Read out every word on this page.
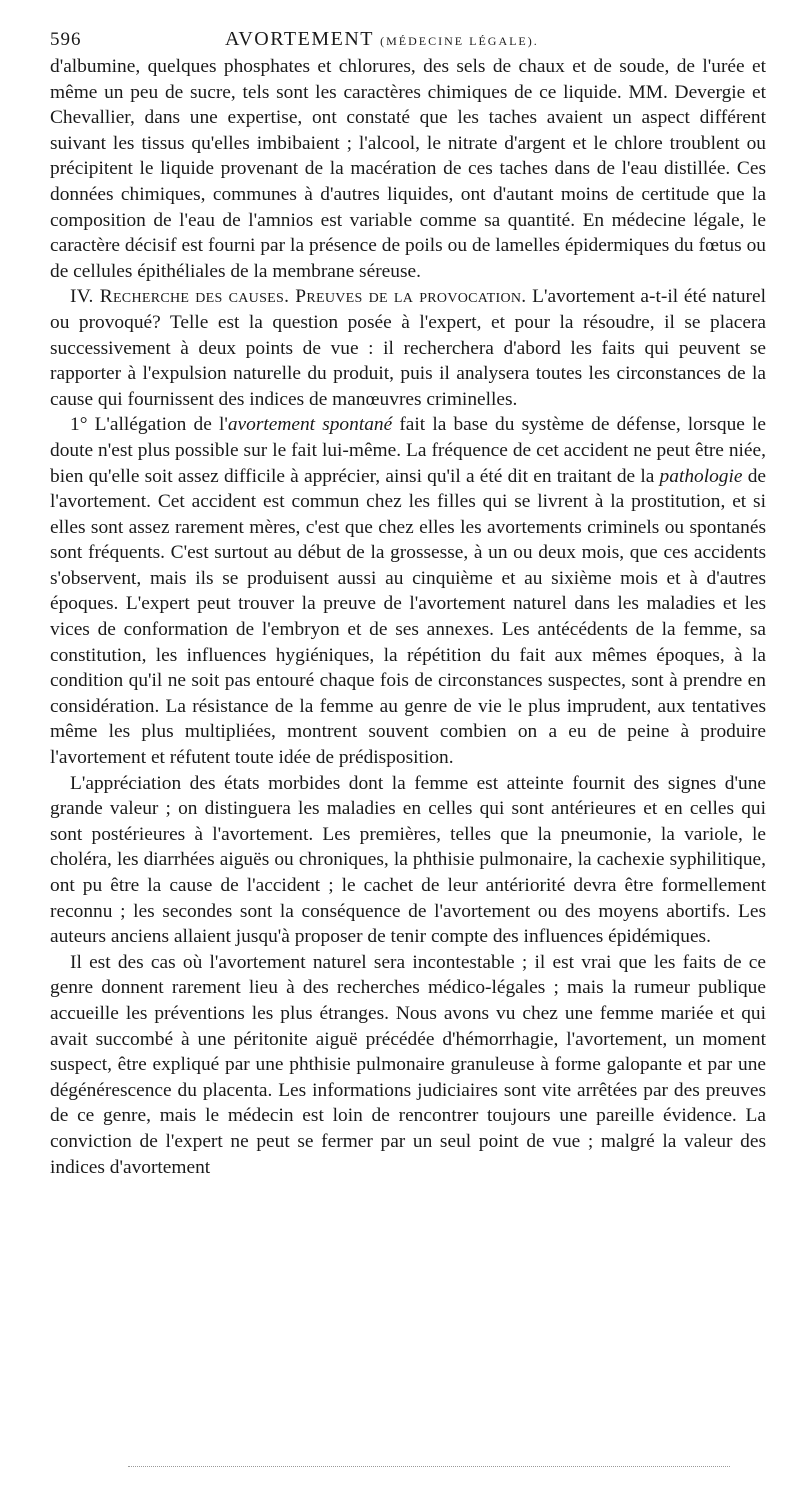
596	AVORTEMENT (MÉDECINE LÉGALE).

d'albumine, quelques phosphates et chlorures, des sels de chaux et de soude, de l'urée et même un peu de sucre, tels sont les caractères chimiques de ce liquide. MM. Devergie et Chevallier, dans une expertise, ont constaté que les taches avaient un aspect différent suivant les tissus qu'elles imbibaient ; l'alcool, le nitrate d'argent et le chlore troublent ou précipitent le liquide provenant de la macération de ces taches dans de l'eau distillée. Ces données chimiques, communes à d'autres liquides, ont d'autant moins de certitude que la composition de l'eau de l'amnios est variable comme sa quantité. En médecine légale, le caractère décisif est fourni par la présence de poils ou de lamelles épidermiques du fœtus ou de cellules épithéliales de la membrane séreuse.

IV. Recherche des causes. Preuves de la provocation. L'avortement a-t-il été naturel ou provoqué? Telle est la question posée à l'expert, et pour la résoudre, il se placera successivement à deux points de vue : il recherchera d'abord les faits qui peuvent se rapporter à l'expulsion naturelle du produit, puis il analysera toutes les circonstances de la cause qui fournissent des indices de manœuvres criminelles.

1° L'allégation de l'avortement spontané fait la base du système de défense, lorsque le doute n'est plus possible sur le fait lui-même. La fréquence de cet accident ne peut être niée, bien qu'elle soit assez difficile à apprécier, ainsi qu'il a été dit en traitant de la pathologie de l'avortement. Cet accident est commun chez les filles qui se livrent à la prostitution, et si elles sont assez rarement mères, c'est que chez elles les avortements criminels ou spontanés sont fréquents. C'est surtout au début de la grossesse, à un ou deux mois, que ces accidents s'observent, mais ils se produisent aussi au cinquième et au sixième mois et à d'autres époques. L'expert peut trouver la preuve de l'avortement naturel dans les maladies et les vices de conformation de l'embryon et de ses annexes. Les antécédents de la femme, sa constitution, les influences hygiéniques, la répétition du fait aux mêmes époques, à la condition qu'il ne soit pas entouré chaque fois de circonstances suspectes, sont à prendre en considération. La résistance de la femme au genre de vie le plus imprudent, aux tentatives même les plus multipliées, montrent souvent combien on a eu de peine à produire l'avortement et réfutent toute idée de prédisposition.

L'appréciation des états morbides dont la femme est atteinte fournit des signes d'une grande valeur ; on distinguera les maladies en celles qui sont antérieures et en celles qui sont postérieures à l'avortement. Les premières, telles que la pneumonie, la variole, le choléra, les diarrhées aiguës ou chroniques, la phthisie pulmonaire, la cachexie syphilitique, ont pu être la cause de l'accident ; le cachet de leur antériorité devra être formellement reconnu ; les secondes sont la conséquence de l'avortement ou des moyens abortifs. Les auteurs anciens allaient jusqu'à proposer de tenir compte des influences épidémiques.

Il est des cas où l'avortement naturel sera incontestable ; il est vrai que les faits de ce genre donnent rarement lieu à des recherches médico-légales ; mais la rumeur publique accueille les préventions les plus étranges. Nous avons vu chez une femme mariée et qui avait succombé à une péritonite aiguë précédée d'hémorrhagie, l'avortement, un moment suspect, être expliqué par une phthisie pulmonaire granuleuse à forme galopante et par une dégénérescence du placenta. Les informations judiciaires sont vite arrêtées par des preuves de ce genre, mais le médecin est loin de rencontrer toujours une pareille évidence. La conviction de l'expert ne peut se fermer par un seul point de vue ; malgré la valeur des indices d'avortement
